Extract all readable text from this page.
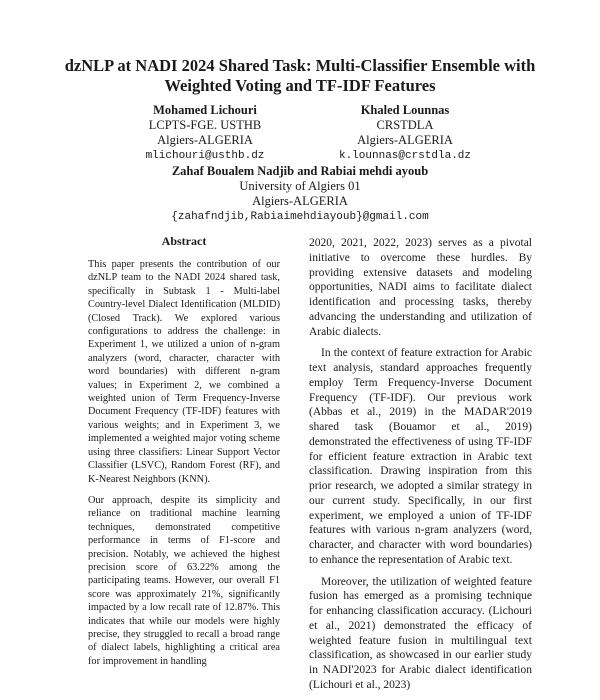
dzNLP at NADI 2024 Shared Task: Multi-Classifier Ensemble with Weighted Voting and TF-IDF Features
Mohamed Lichouri
LCPTS-FGE. USTHB
Algiers-ALGERIA
mlichouri@usthb.dz
Khaled Lounnas
CRSTDLA
Algiers-ALGERIA
k.lounnas@crstdla.dz
Zahaf Boualem Nadjib and Rabiai mehdi ayoub
University of Algiers 01
Algiers-ALGERIA
{zahafndjib,Rabiaimehdiayoub}@gmail.com
Abstract

This paper presents the contribution of our dzNLP team to the NADI 2024 shared task, specifically in Subtask 1 - Multi-label Country-level Dialect Identification (MLDID) (Closed Track). We explored various configurations to address the challenge: in Experiment 1, we utilized a union of n-gram analyzers (word, character, character with word boundaries) with different n-gram values; in Experiment 2, we combined a weighted union of Term Frequency-Inverse Document Frequency (TF-IDF) features with various weights; and in Experiment 3, we implemented a weighted major voting scheme using three classifiers: Linear Support Vector Classifier (LSVC), Random Forest (RF), and K-Nearest Neighbors (KNN).

Our approach, despite its simplicity and reliance on traditional machine learning techniques, demonstrated competitive performance in terms of F1-score and precision. Notably, we achieved the highest precision score of 63.22% among the participating teams. However, our overall F1 score was approximately 21%, significantly impacted by a low recall rate of 12.87%. This indicates that while our models were highly precise, they struggled to recall a broad range of dialect labels, highlighting a critical area for improvement in handling

2020, 2021, 2022, 2023) serves as a pivotal initiative to overcome these hurdles. By providing extensive datasets and modeling opportunities, NADI aims to facilitate dialect identification and processing tasks, thereby advancing the understanding and utilization of Arabic dialects.

In the context of feature extraction for Arabic text analysis, standard approaches frequently employ Term Frequency-Inverse Document Frequency (TF-IDF). Our previous work (Abbas et al., 2019) in the MADAR'2019 shared task (Bouamor et al., 2019) demonstrated the effectiveness of using TF-IDF for efficient feature extraction in Arabic text classification. Drawing inspiration from this prior research, we adopted a similar strategy in our current study. Specifically, in our first experiment, we employed a union of TF-IDF features with various n-gram analyzers (word, character, and character with word boundaries) to enhance the representation of Arabic text.

Moreover, the utilization of weighted feature fusion has emerged as a promising technique for enhancing classification accuracy. (Lichouri et al., 2021) demonstrated the efficacy of weighted feature fusion in multilingual text classification, as showcased in our earlier study in NADI'2023 for Arabic dialect identification (Lichouri et al., 2023)
